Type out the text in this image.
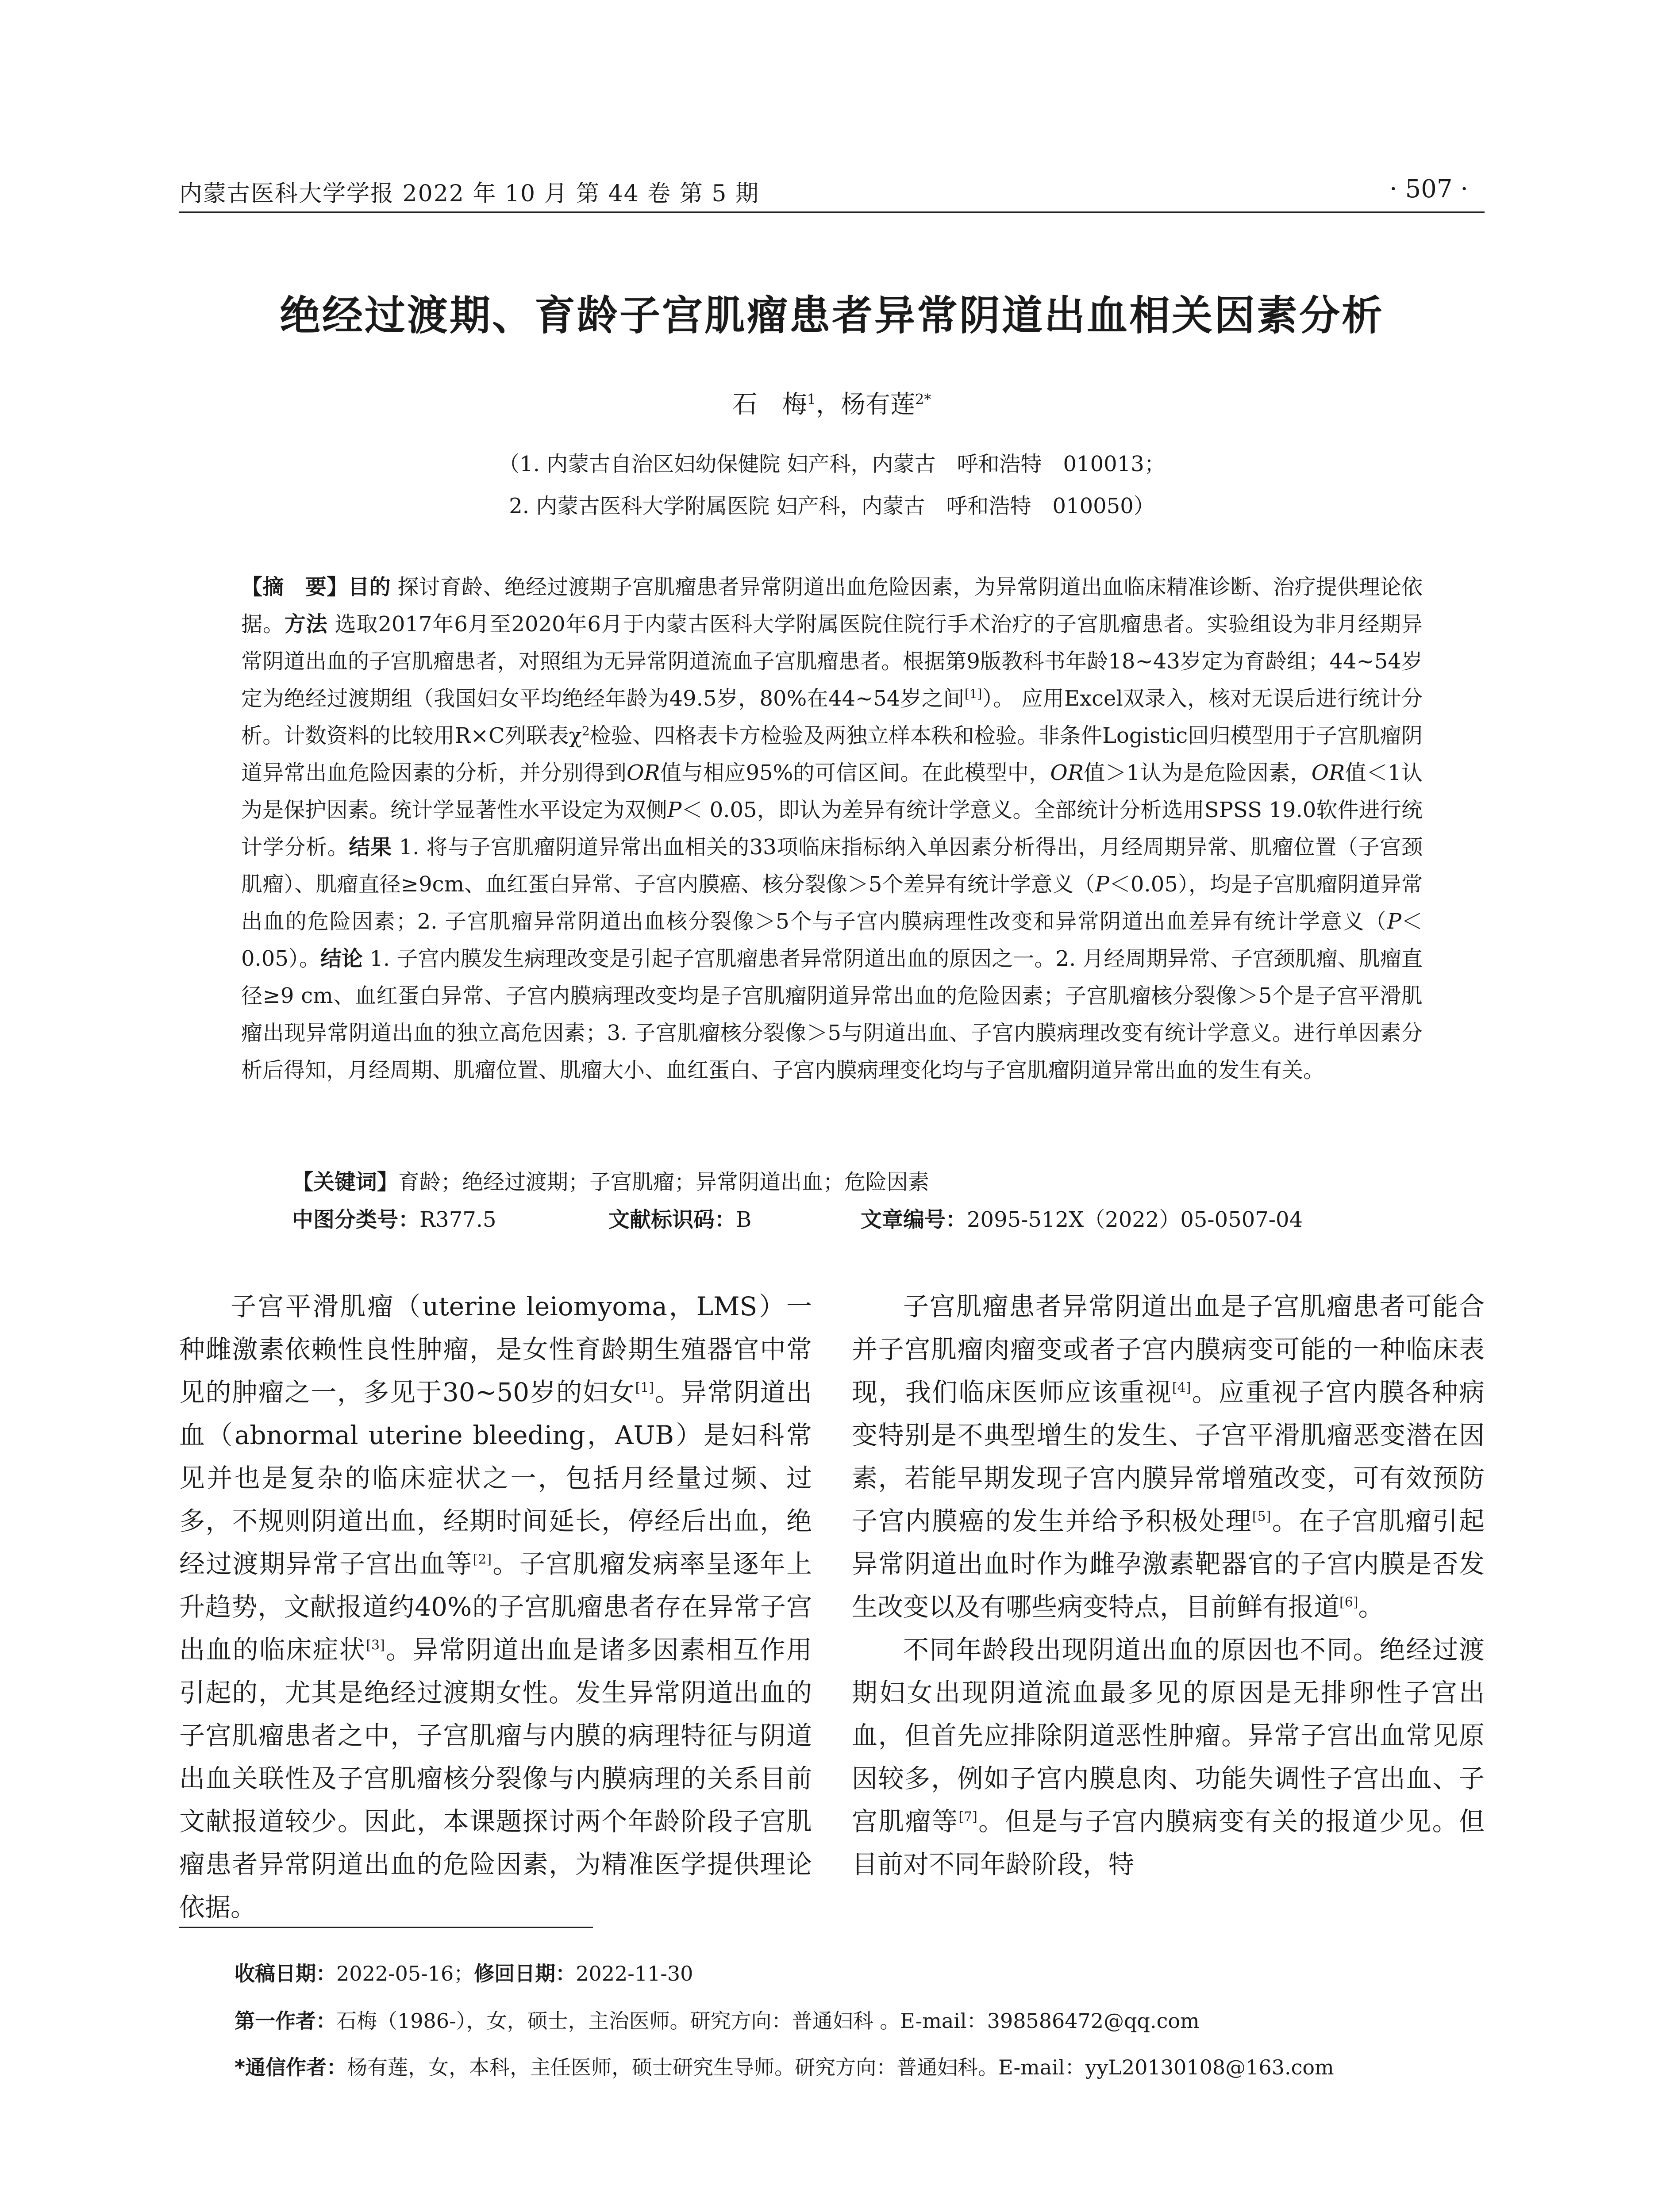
内蒙古医科大学学报 2022 年 10 月 第 44 卷 第 5 期	· 507 ·
绝经过渡期、育龄子宫肌瘤患者异常阴道出血相关因素分析
石　梅$^1$，杨有莲$^{2*}$
（1. 内蒙古自治区妇幼保健院 妇产科，内蒙古　呼和浩特　010013；
2. 内蒙古医科大学附属医院 妇产科，内蒙古　呼和浩特　010050）
【摘　要】目的 探讨育龄、绝经过渡期子宫肌瘤患者异常阴道出血危险因素，为异常阴道出血临床精准诊断、治疗提供理论依据。方法 选取2017年6月至2020年6月于内蒙古医科大学附属医院住院行手术治疗的子宫肌瘤患者。实验组设为非月经期异常阴道出血的子宫肌瘤患者，对照组为无异常阴道流血子宫肌瘤患者。根据第9版教科书年龄18~43岁定为育龄组；44~54岁定为绝经过渡期组（我国妇女平均绝经年龄为49.5岁，80%在44~54岁之间[1]）。 应用Excel双录入，核对无误后进行统计分析。计数资料的比较用R×C列联表$\chi^2$检验、四格表卡方检验及两独立样本秩和检验。非条件Logistic回归模型用于子宫肌瘤阴道异常出血危险因素的分析，并分别得到OR值与相应95%的可信区间。在此模型中，OR值＞1认为是危险因素，OR值＜1认为是保护因素。统计学显著性水平设定为双侧P＜ 0.05，即认为差异有统计学意义。全部统计分析选用SPSS 19.0软件进行统计学分析。结果 1. 将与子宫肌瘤阴道异常出血相关的33项临床指标纳入单因素分析得出，月经周期异常、肌瘤位置（子宫颈肌瘤）、肌瘤直径≥9cm、血红蛋白异常、子宫内膜癌、核分裂像＞5个差异有统计学意义（P＜0.05），均是子宫肌瘤阴道异常出血的危险因素；2. 子宫肌瘤异常阴道出血核分裂像＞5个与子宫内膜病理性改变和异常阴道出血差异有统计学意义（P＜ 0.05）。结论 1. 子宫内膜发生病理改变是引起子宫肌瘤患者异常阴道出血的原因之一。2. 月经周期异常、子宫颈肌瘤、肌瘤直径≥9 cm、血红蛋白异常、子宫内膜病理改变均是子宫肌瘤阴道异常出血的危险因素；子宫肌瘤核分裂像＞5个是子宫平滑肌瘤出现异常阴道出血的独立高危因素；3. 子宫肌瘤核分裂像＞5与阴道出血、子宫内膜病理改变有统计学意义。进行单因素分析后得知，月经周期、肌瘤位置、肌瘤大小、血红蛋白、子宫内膜病理变化均与子宫肌瘤阴道异常出血的发生有关。
【关键词】育龄；绝经过渡期；子宫肌瘤；异常阴道出血；危险因素
中图分类号：R377.5	文献标识码：B	文章编号：2095-512X（2022）05-0507-04

子宫平滑肌瘤（uterine leiomyoma，LMS）一种雌激素依赖性良性肿瘤，是女性育龄期生殖器官中常见的肿瘤之一，多见于30~50岁的妇女[1]。异常阴道出血（abnormal uterine bleeding，AUB）是妇科常见并也是复杂的临床症状之一，包括月经量过频、过多，不规则阴道出血，经期时间延长，停经后出血，绝经过渡期异常子宫出血等[2]。子宫肌瘤发病率呈逐年上升趋势，文献报道约40%的子宫肌瘤患者存在异常子宫出血的临床症状[3]。异常阴道出血是诸多因素相互作用引起的，尤其是绝经过渡期女性。发生异常阴道出血的子宫肌瘤患者之中，子宫肌瘤与内膜的病理特征与阴道出血关联性及子宫肌瘤核分裂像与内膜病理的关系目前文献报道较少。因此，本课题探讨两个年龄阶段子宫肌瘤患者异常阴道出血的危险因素，为精准医学提供理论依据。

子宫肌瘤患者异常阴道出血是子宫肌瘤患者可能合并子宫肌瘤肉瘤变或者子宫内膜病变可能的一种临床表现，我们临床医师应该重视[4]。应重视子宫内膜各种病变特别是不典型增生的发生、子宫平滑肌瘤恶变潜在因素，若能早期发现子宫内膜异常增殖改变，可有效预防子宫内膜癌的发生并给予积极处理[5]。在子宫肌瘤引起异常阴道出血时作为雌孕激素靶器官的子宫内膜是否发生改变以及有哪些病变特点，目前鲜有报道[6]。

不同年龄段出现阴道出血的原因也不同。绝经过渡期妇女出现阴道流血最多见的原因是无排卵性子宫出血，但首先应排除阴道恶性肿瘤。异常子宫出血常见原因较多，例如子宫内膜息肉、功能失调性子宫出血、子宫肌瘤等[7]。但是与子宫内膜病变有关的报道少见。但目前对不同年龄阶段，特

收稿日期：2022-05-16；修回日期：2022-11-30
第一作者：石梅（1986-），女，硕士，主治医师。研究方向：普通妇科 。E-mail：398586472@qq.com
*通信作者：杨有莲，女，本科，主任医师，硕士研究生导师。研究方向：普通妇科。E-mail：yyL20130108@163.com
